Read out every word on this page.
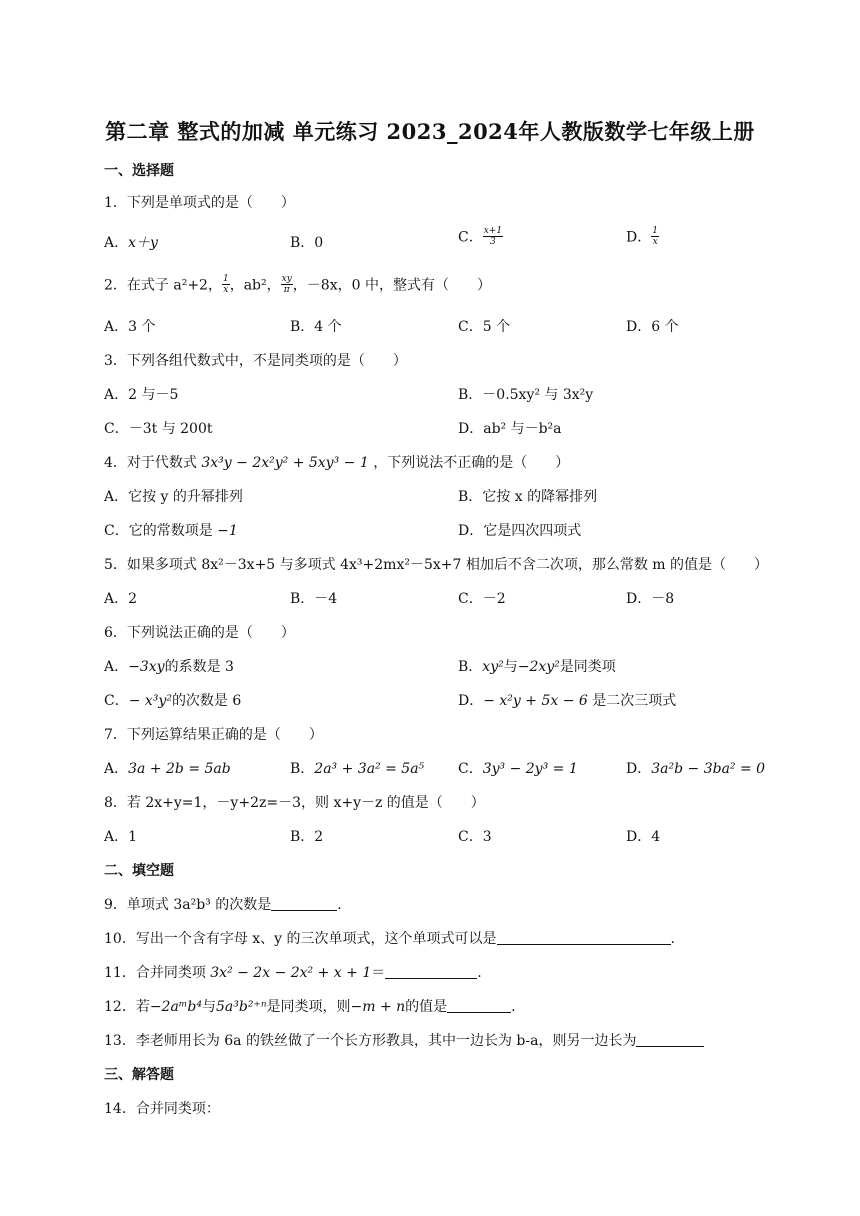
第二章 整式的加减 单元练习 2023_2024年人教版数学七年级上册
一、选择题
1．下列是单项式的是（　　）
A．x＋y	B．0	C． $\frac{x+1}{3}$	D． $\frac{1}{x}$
2．在式子 a²+2， $\frac{1}{x}$ ，ab²， $\frac{xy}{\pi}$ ，－8x，0 中，整式有（　　）
A．3 个	B．4 个	C．5 个	D．6 个
3．下列各组代数式中，不是同类项的是（　　）
A．2 与－5	B．－0.5xy² 与 3x²y
C．－3t 与 200t	D．ab² 与－b²a
4．对于代数式 3x³y − 2x²y² + 5xy³ − 1 ，下列说法不正确的是（　　）
A．它按 y 的升幂排列	B．它按 x 的降幂排列
C．它的常数项是 −1	D．它是四次四项式
5．如果多项式 8x²－3x+5 与多项式 4x³+2mx²－5x+7 相加后不含二次项，那么常数 m 的值是（　　）
A．2	B．－4	C．－2	D．－8
6．下列说法正确的是（　　）
A．−3xy的系数是 3	B．xy²与−2xy²是同类项
C．− x³y²的次数是 6	D．− x²y + 5x − 6 是二次三项式
7．下列运算结果正确的是（　　）
A．3a + 2b = 5ab	B．2a³ + 3a² = 5a⁵ C．3y³ − 2y³ = 1	D．3a²b − 3ba² = 0
8．若 2x+y=1，－y+2z=－3，则 x+y－z 的值是（　　）
A．1	B．2	C．3	D．4
二、填空题
9．单项式 3a²b³ 的次数是	.
10．写出一个含有字母 x、y 的三次单项式，这个单项式可以是	.
11．合并同类项 3x² − 2x − 2x² + x + 1＝	.
12．若−2aᵐb⁴与5a³b²⁺ⁿ是同类项，则−m + n的值是	.
13．李老师用长为 6a 的铁丝做了一个长方形教具，其中一边长为 b-a，则另一边长为
三、解答题
14．合并同类项：
